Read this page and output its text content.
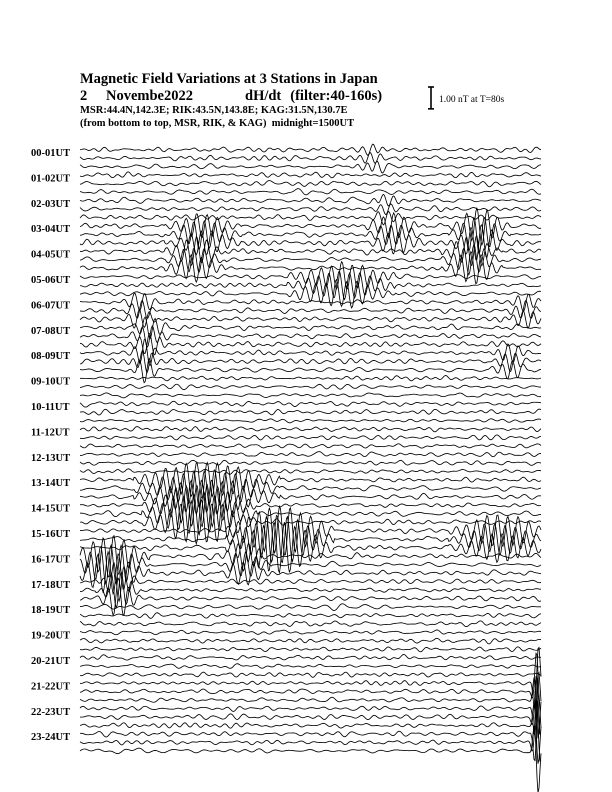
Magnetic Field Variations at 3 Stations in Japan
2 Novembe2022	dH/dt (filter:40-160s)
MSR:44.4N,142.3E; RIK:43.5N,143.8E; KAG:31.5N,130.7E
(from bottom to top, MSR, RIK, & KAG) midnight=1500UT
1.00 nT at T=80s
00-01UT
01-02UT
02-03UT
03-04UT
04-05UT
05-06UT
06-07UT
07-08UT
08-09UT
09-10UT
10-11UT
11-12UT
12-13UT
13-14UT
14-15UT
15-16UT
16-17UT
17-18UT
18-19UT
19-20UT
20-21UT
21-22UT
22-23UT
23-24UT
